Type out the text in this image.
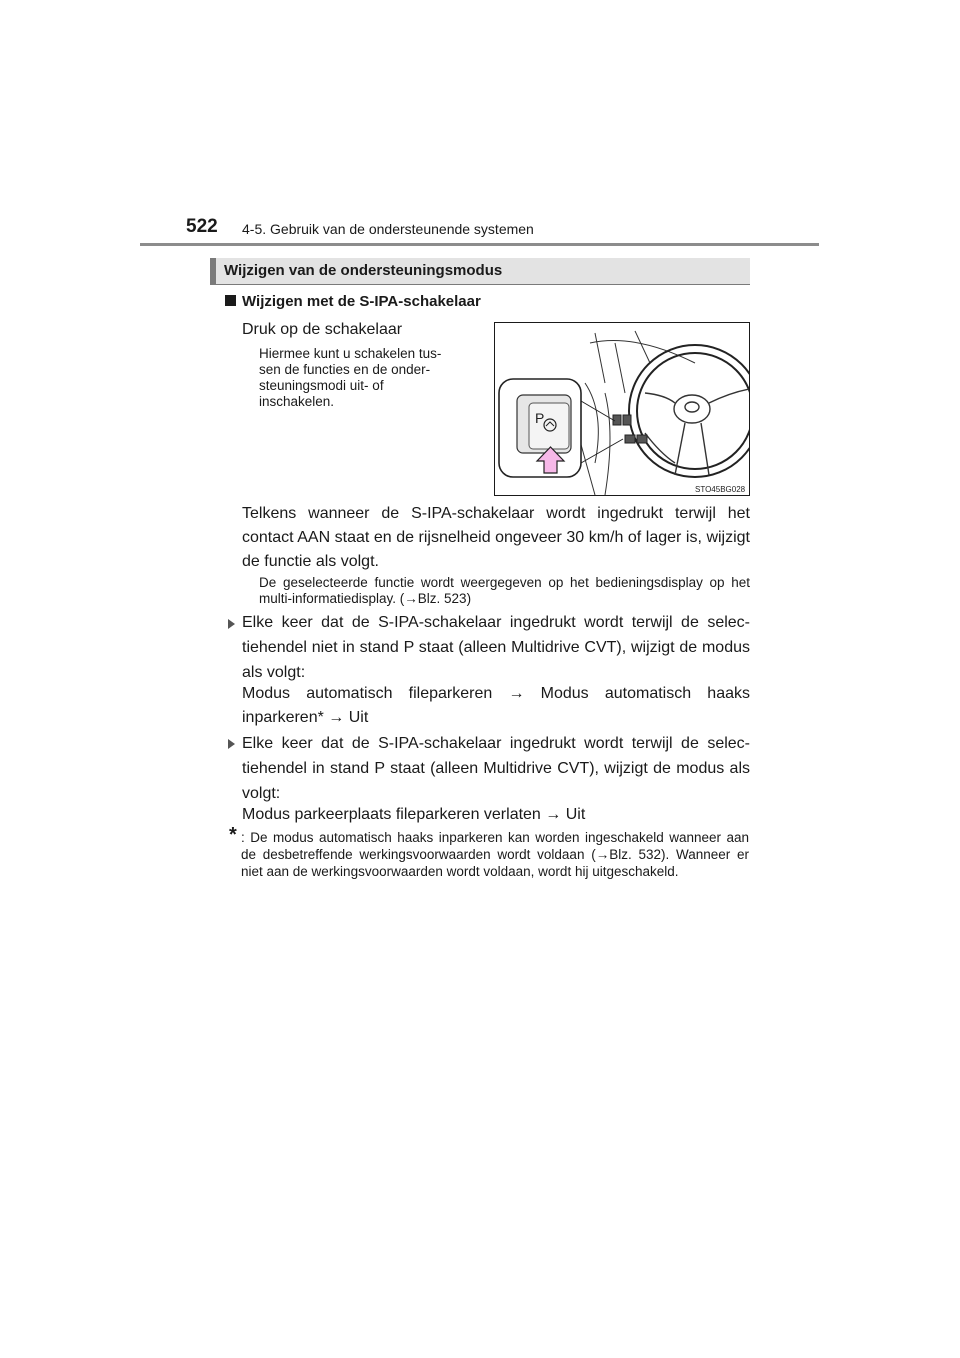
522 4-5. Gebruik van de ondersteunende systemen
Wijzigen van de ondersteuningsmodus
Wijzigen met de S-IPA-schakelaar
Druk op de schakelaar
Hiermee kunt u schakelen tus-
sen de functies en de onder-
steuningsmodi uit- of
inschakelen.
P
STO45BG028
Telkens wanneer de S-IPA-schakelaar wordt ingedrukt terwijl het contact AAN staat en de rijsnelheid ongeveer 30 km/h of lager is, wijzigt de functie als volgt.
De geselecteerde functie wordt weergegeven op het bedieningsdisplay op het multi-informatiedisplay. (→Blz. 523)
Elke keer dat de S-IPA-schakelaar ingedrukt wordt terwijl de selec-tiehendel niet in stand P staat (alleen Multidrive CVT), wijzigt de modus als volgt:
Modus automatisch fileparkeren → Modus automatisch haaks
inparkeren* → Uit
Elke keer dat de S-IPA-schakelaar ingedrukt wordt terwijl de selec-tiehendel in stand P staat (alleen Multidrive CVT), wijzigt de modus als volgt:
Modus parkeerplaats fileparkeren verlaten → Uit
* : De modus automatisch haaks inparkeren kan worden ingeschakeld wanneer aan de desbetreffende werkingsvoorwaarden wordt voldaan (→Blz. 532). Wanneer er niet aan de werkingsvoorwaarden wordt voldaan, wordt hij uitgeschakeld.
